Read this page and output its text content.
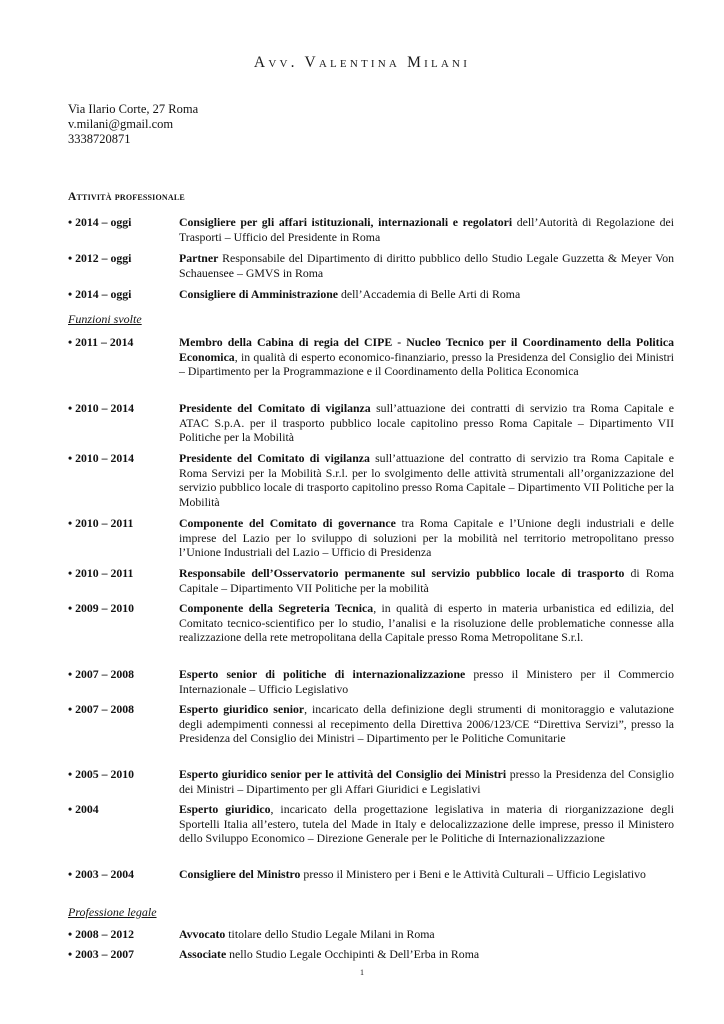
Avv. Valentina Milani
Via Ilario Corte, 27 Roma
v.milani@gmail.com
3338720871
Attività professionale
• 2014 – oggi	Consigliere per gli affari istituzionali, internazionali e regolatori dell’Autorità di Regolazione dei Trasporti – Ufficio del Presidente in Roma
• 2012 – oggi	Partner Responsabile del Dipartimento di diritto pubblico dello Studio Legale Guzzetta & Meyer Von Schauensee – GMVS in Roma
• 2014 – oggi	Consigliere di Amministrazione dell’Accademia di Belle Arti di Roma
Funzioni svolte
• 2011 – 2014	Membro della Cabina di regia del CIPE - Nucleo Tecnico per il Coordinamento della Politica Economica, in qualità di esperto economico-finanziario, presso la Presidenza del Consiglio dei Ministri – Dipartimento per la Programmazione e il Coordinamento della Politica Economica
• 2010 – 2014	Presidente del Comitato di vigilanza sull’attuazione dei contratti di servizio tra Roma Capitale e ATAC S.p.A. per il trasporto pubblico locale capitolino presso Roma Capitale – Dipartimento VII Politiche per la Mobilità
• 2010 – 2014	Presidente del Comitato di vigilanza sull’attuazione del contratto di servizio tra Roma Capitale e Roma Servizi per la Mobilità S.r.l. per lo svolgimento delle attività strumentali all’organizzazione del servizio pubblico locale di trasporto capitolino presso Roma Capitale – Dipartimento VII Politiche per la Mobilità
• 2010 – 2011	Componente del Comitato di governance tra Roma Capitale e l’Unione degli industriali e delle imprese del Lazio per lo sviluppo di soluzioni per la mobilità nel territorio metropolitano presso l’Unione Industriali del Lazio – Ufficio di Presidenza
• 2010 – 2011	Responsabile dell’Osservatorio permanente sul servizio pubblico locale di trasporto di Roma Capitale – Dipartimento VII Politiche per la mobilità
• 2009 – 2010	Componente della Segreteria Tecnica, in qualità di esperto in materia urbanistica ed edilizia, del Comitato tecnico-scientifico per lo studio, l’analisi e la risoluzione delle problematiche connesse alla realizzazione della rete metropolitana della Capitale presso Roma Metropolitane S.r.l.
• 2007 – 2008	Esperto senior di politiche di internazionalizzazione presso il Ministero per il Commercio Internazionale – Ufficio Legislativo
• 2007 – 2008	Esperto giuridico senior, incaricato della definizione degli strumenti di monitoraggio e valutazione degli adempimenti connessi al recepimento della Direttiva 2006/123/CE “Direttiva Servizi”, presso la Presidenza del Consiglio dei Ministri – Dipartimento per le Politiche Comunitarie
• 2005 – 2010	Esperto giuridico senior per le attività del Consiglio dei Ministri presso la Presidenza del Consiglio dei Ministri – Dipartimento per gli Affari Giuridici e Legislativi
• 2004	Esperto giuridico, incaricato della progettazione legislativa in materia di riorganizzazione degli Sportelli Italia all’estero, tutela del Made in Italy e delocalizzazione delle imprese, presso il Ministero dello Sviluppo Economico – Direzione Generale per le Politiche di Internazionalizzazione
• 2003 – 2004	Consigliere del Ministro presso il Ministero per i Beni e le Attività Culturali – Ufficio Legislativo
Professione legale
• 2008 – 2012	Avvocato titolare dello Studio Legale Milani in Roma
• 2003 – 2007	Associate nello Studio Legale Occhipinti & Dell’Erba in Roma
1
